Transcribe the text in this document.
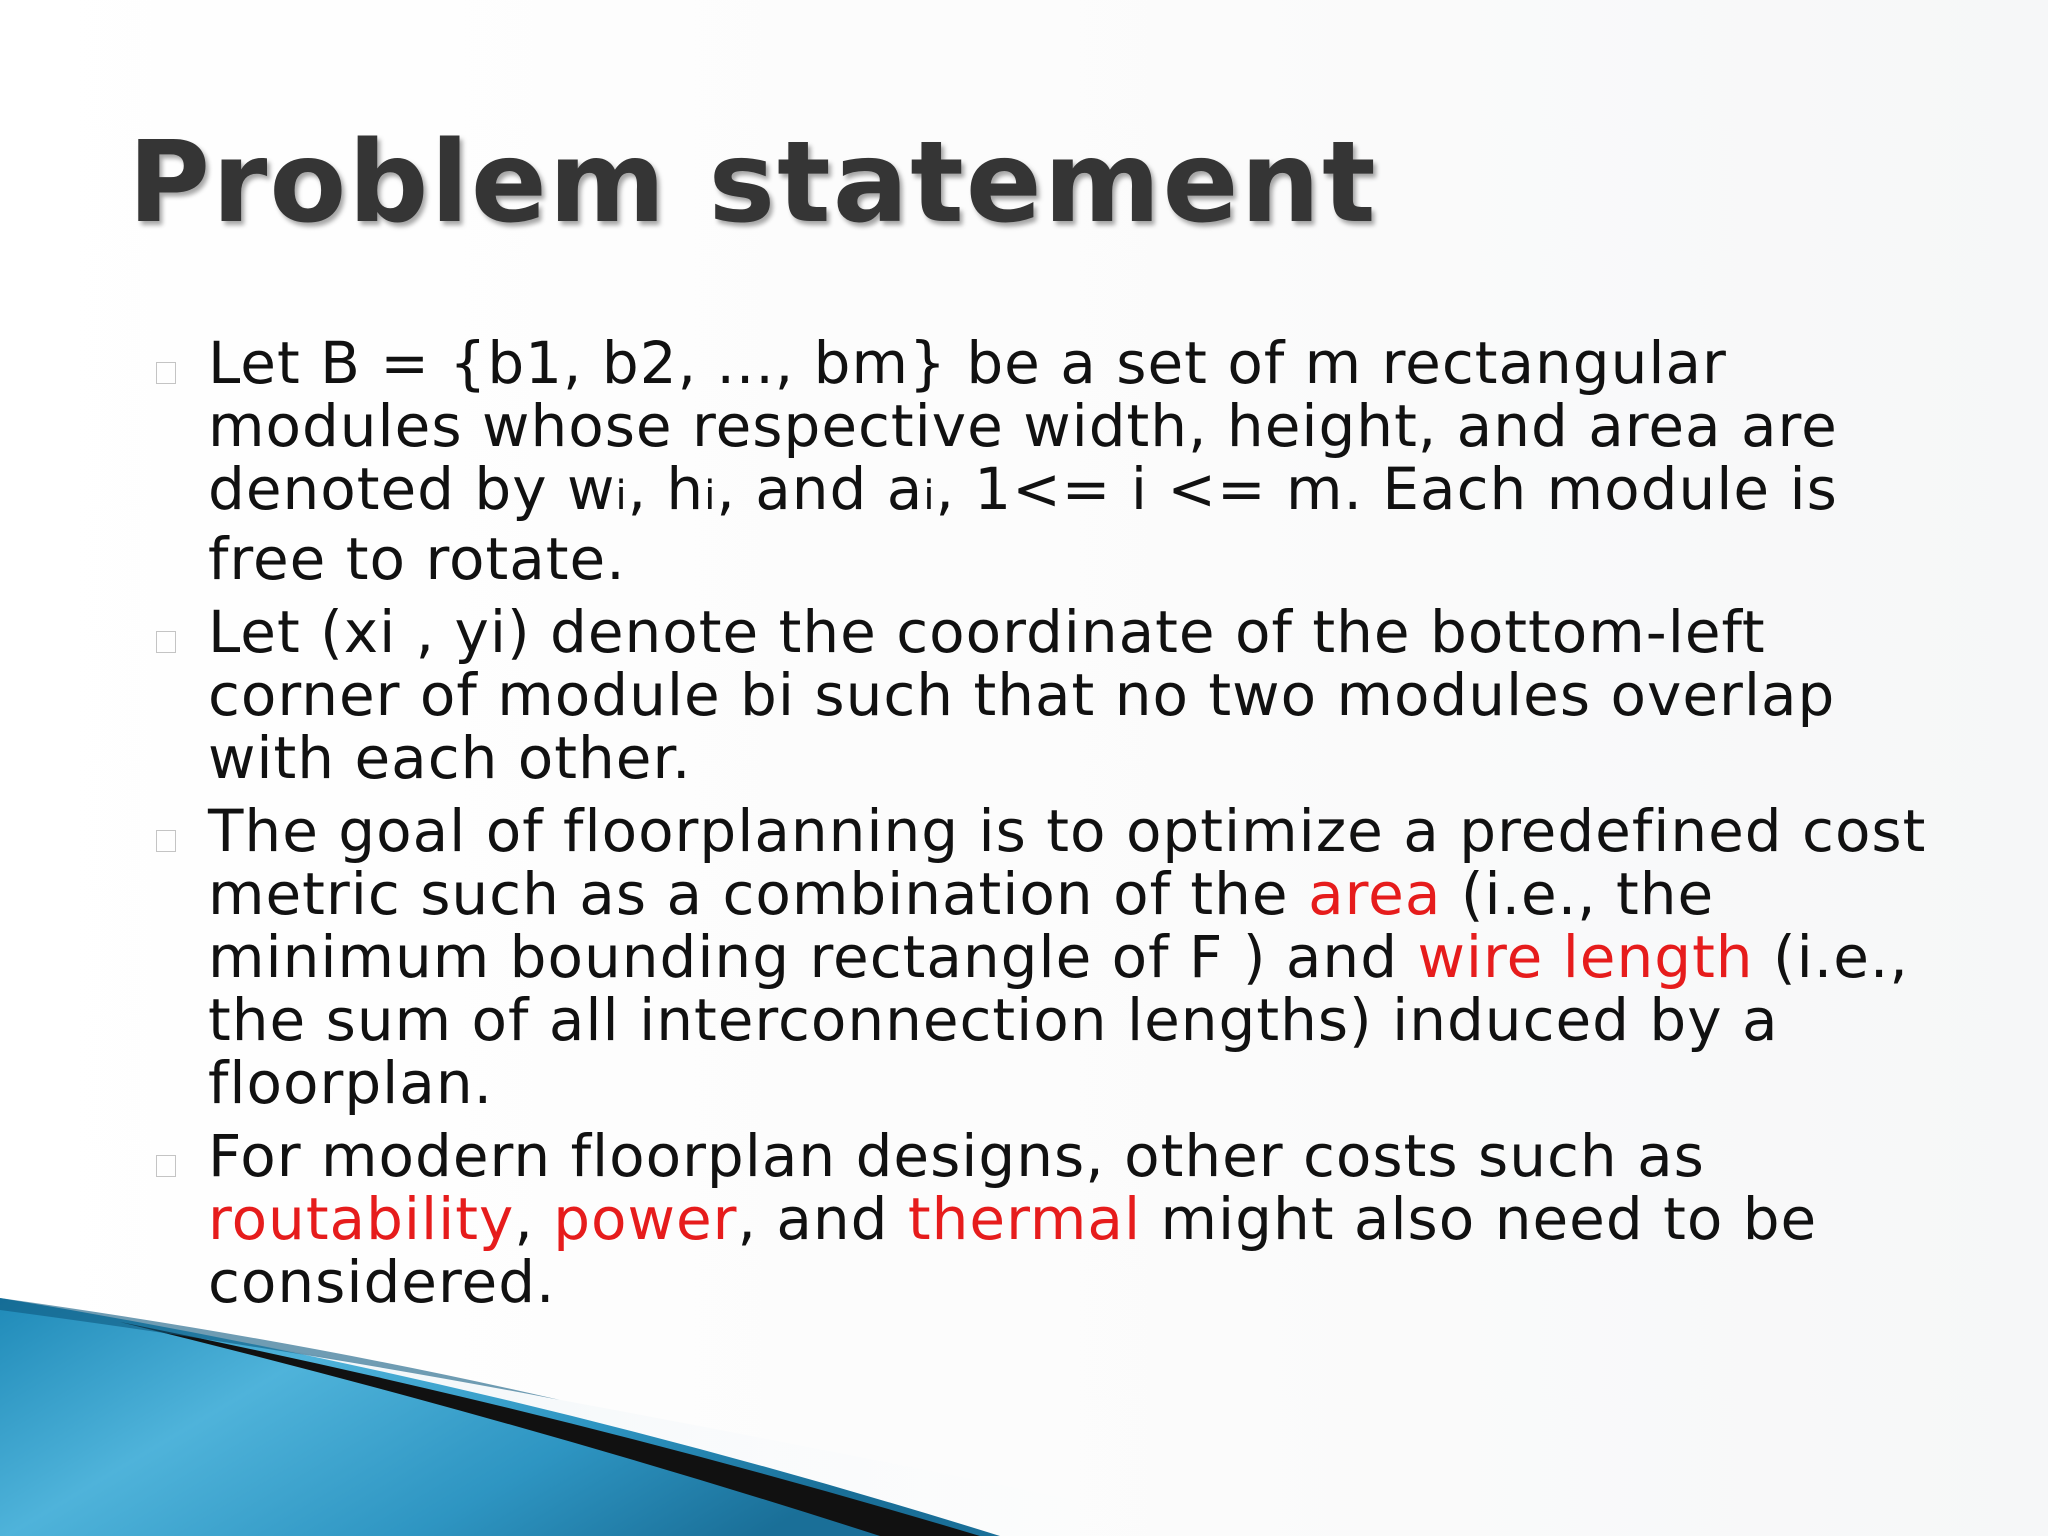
Problem statement
Let B = {b1, b2, ..., bm} be a set of m rectangular modules whose respective width, height, and area are denoted by wi, hi, and ai, 1<= i <= m. Each module is free to rotate.
Let (xi , yi) denote the coordinate of the bottom-left corner of module bi such that no two modules overlap with each other.
The goal of floorplanning is to optimize a predefined cost metric such as a combination of the area (i.e., the minimum bounding rectangle of F ) and wire length (i.e., the sum of all interconnection lengths) induced by a floorplan.
For modern floorplan designs, other costs such as routability, power, and thermal might also need to be considered.
